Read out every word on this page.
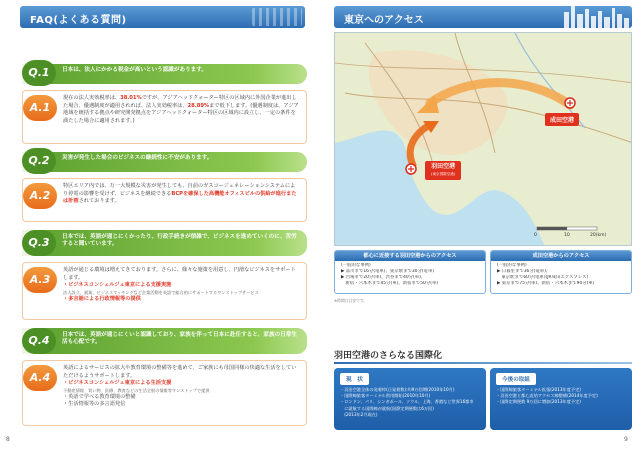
FAQ(よくある質問)
Q.1	日本は、法人にかかる税金が高いという認識があります。
A.1
現在の法人実効税率は、38.01%ですが、アジアヘッドクォーター特区の区域内に外国企業が進出した場合、優遇制度が適用されれば、法人実効税率は、28.89%まで低下します。(優遇制度は、アジア地域を統括する拠点や研究開発拠点をアジアヘッドクォーター特区の区域内に設立し、一定の条件を満たした場合に適用されます。)
Q.2	災害が発生した場合のビジネスの継続性に不安があります。
A.2
特区エリア内では、万一大規模な災害が発生しても、自前のガスコージェネレーションシステムにより停電の影響を受けず、ビジネスを継続できるBCPを確保した高機能オフィスビルの供給が進行または計画されております。
Q.3	日本では、英語が通じにくかったり、行政手続きが煩雑で、ビジネスを進めていくのに、苦労すると聞いています。
A.3
英語が通じる環境は増えてきております。さらに、様々な施策を用意し、円滑なビジネスをサポートします。
・ビジネスコンシェルジュ東京による支援実施
法人設立、就業、ビジネスマッチングなど企業活動を英語で総合的にサポートするワンストップサービス
・多言語による行政情報等の提供
Q.4	日本では、英語が通じにくいと認識しており、家族を伴って日本に赴任すると、家族の日常生活も心配です。
A.4
英語によるサービスの拡大や教育環境の整備等を進めて、ご家族にも母国同様の快適な生活をしていただけるようサポートします。
・ビジネスコンシェルジュ東京による生活支援
不動産情報、買い物、医療、教育などの生活全般の情報等ワンストップで提供
・英語で学べる教育環境の整備
・生活情報等の多言語発信
8
東京へのアクセス
成田空港
羽田空港
(東京国際空港)
0	10	20(km)
都心に近接する羽田空港からのアクセス
(一般的な事例)
▶ 品川まで16分(電車)、東京駅まで30分(電車)
▶ 台場まで20分(車)、渋谷まで40分(車)、
　新宿・六本木まで45分(車)、新宿まで50分(車)
成田空港からのアクセス
(一般的な事例)
▶ 日暮里まで36分(電車)、
　東京駅まで60分(電車)(JR成田エクスプレス)
▶ 東京まで75分(車)、新宿・六本木まで90分(車)
※時間は目安です。
羽田空港のさらなる国際化
現　状
・羽田空港全体の発着枠(日発着数):約9万回増(2010年10月)
・国際線旅客ターミナル供用開始(2010年10月)
・ロンドン、パリ、シンガポール、ソウル、上海、香港など世界16都市
　に就航する国際線が就航(国際定期便数は6万回)
　(2013年2月現在)
今後の取組
・国際線旅客ターミナル拡張(2013年度予定)
・羽田空港と都心直結アクセス線整備(2014年度予定)
・国際定期便数 9万回に増加(2013年度予定)
9
